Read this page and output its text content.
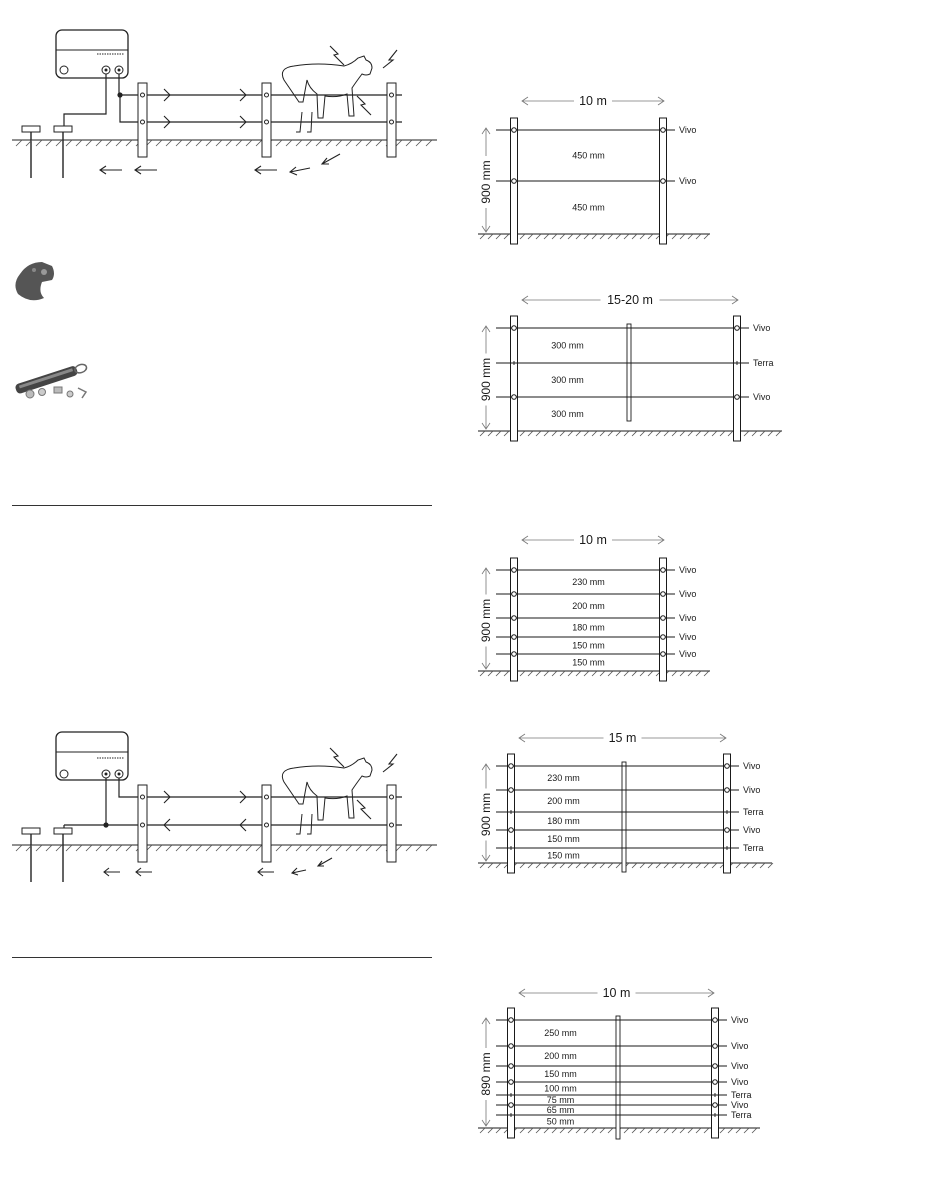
Vivo
450 mm
Vivo
450 mm
10 m
900 mm
Vivo
300 mm
Terra
300 mm
Vivo
300 mm
15-20 m
900 mm
Vivo
230 mm
Vivo
200 mm
Vivo
180 mm
Vivo
150 mm
Vivo
150 mm
10 m
900 mm
Vivo
230 mm
Vivo
200 mm
Terra
180 mm
Vivo
150 mm
Terra
150 mm
15 m
900 mm
Vivo
250 mm
Vivo
200 mm
Vivo
150 mm
Vivo
100 mm
Terra
75 mm	Vivo
65 mm	Terra
50 mm
10 m
890 mm
